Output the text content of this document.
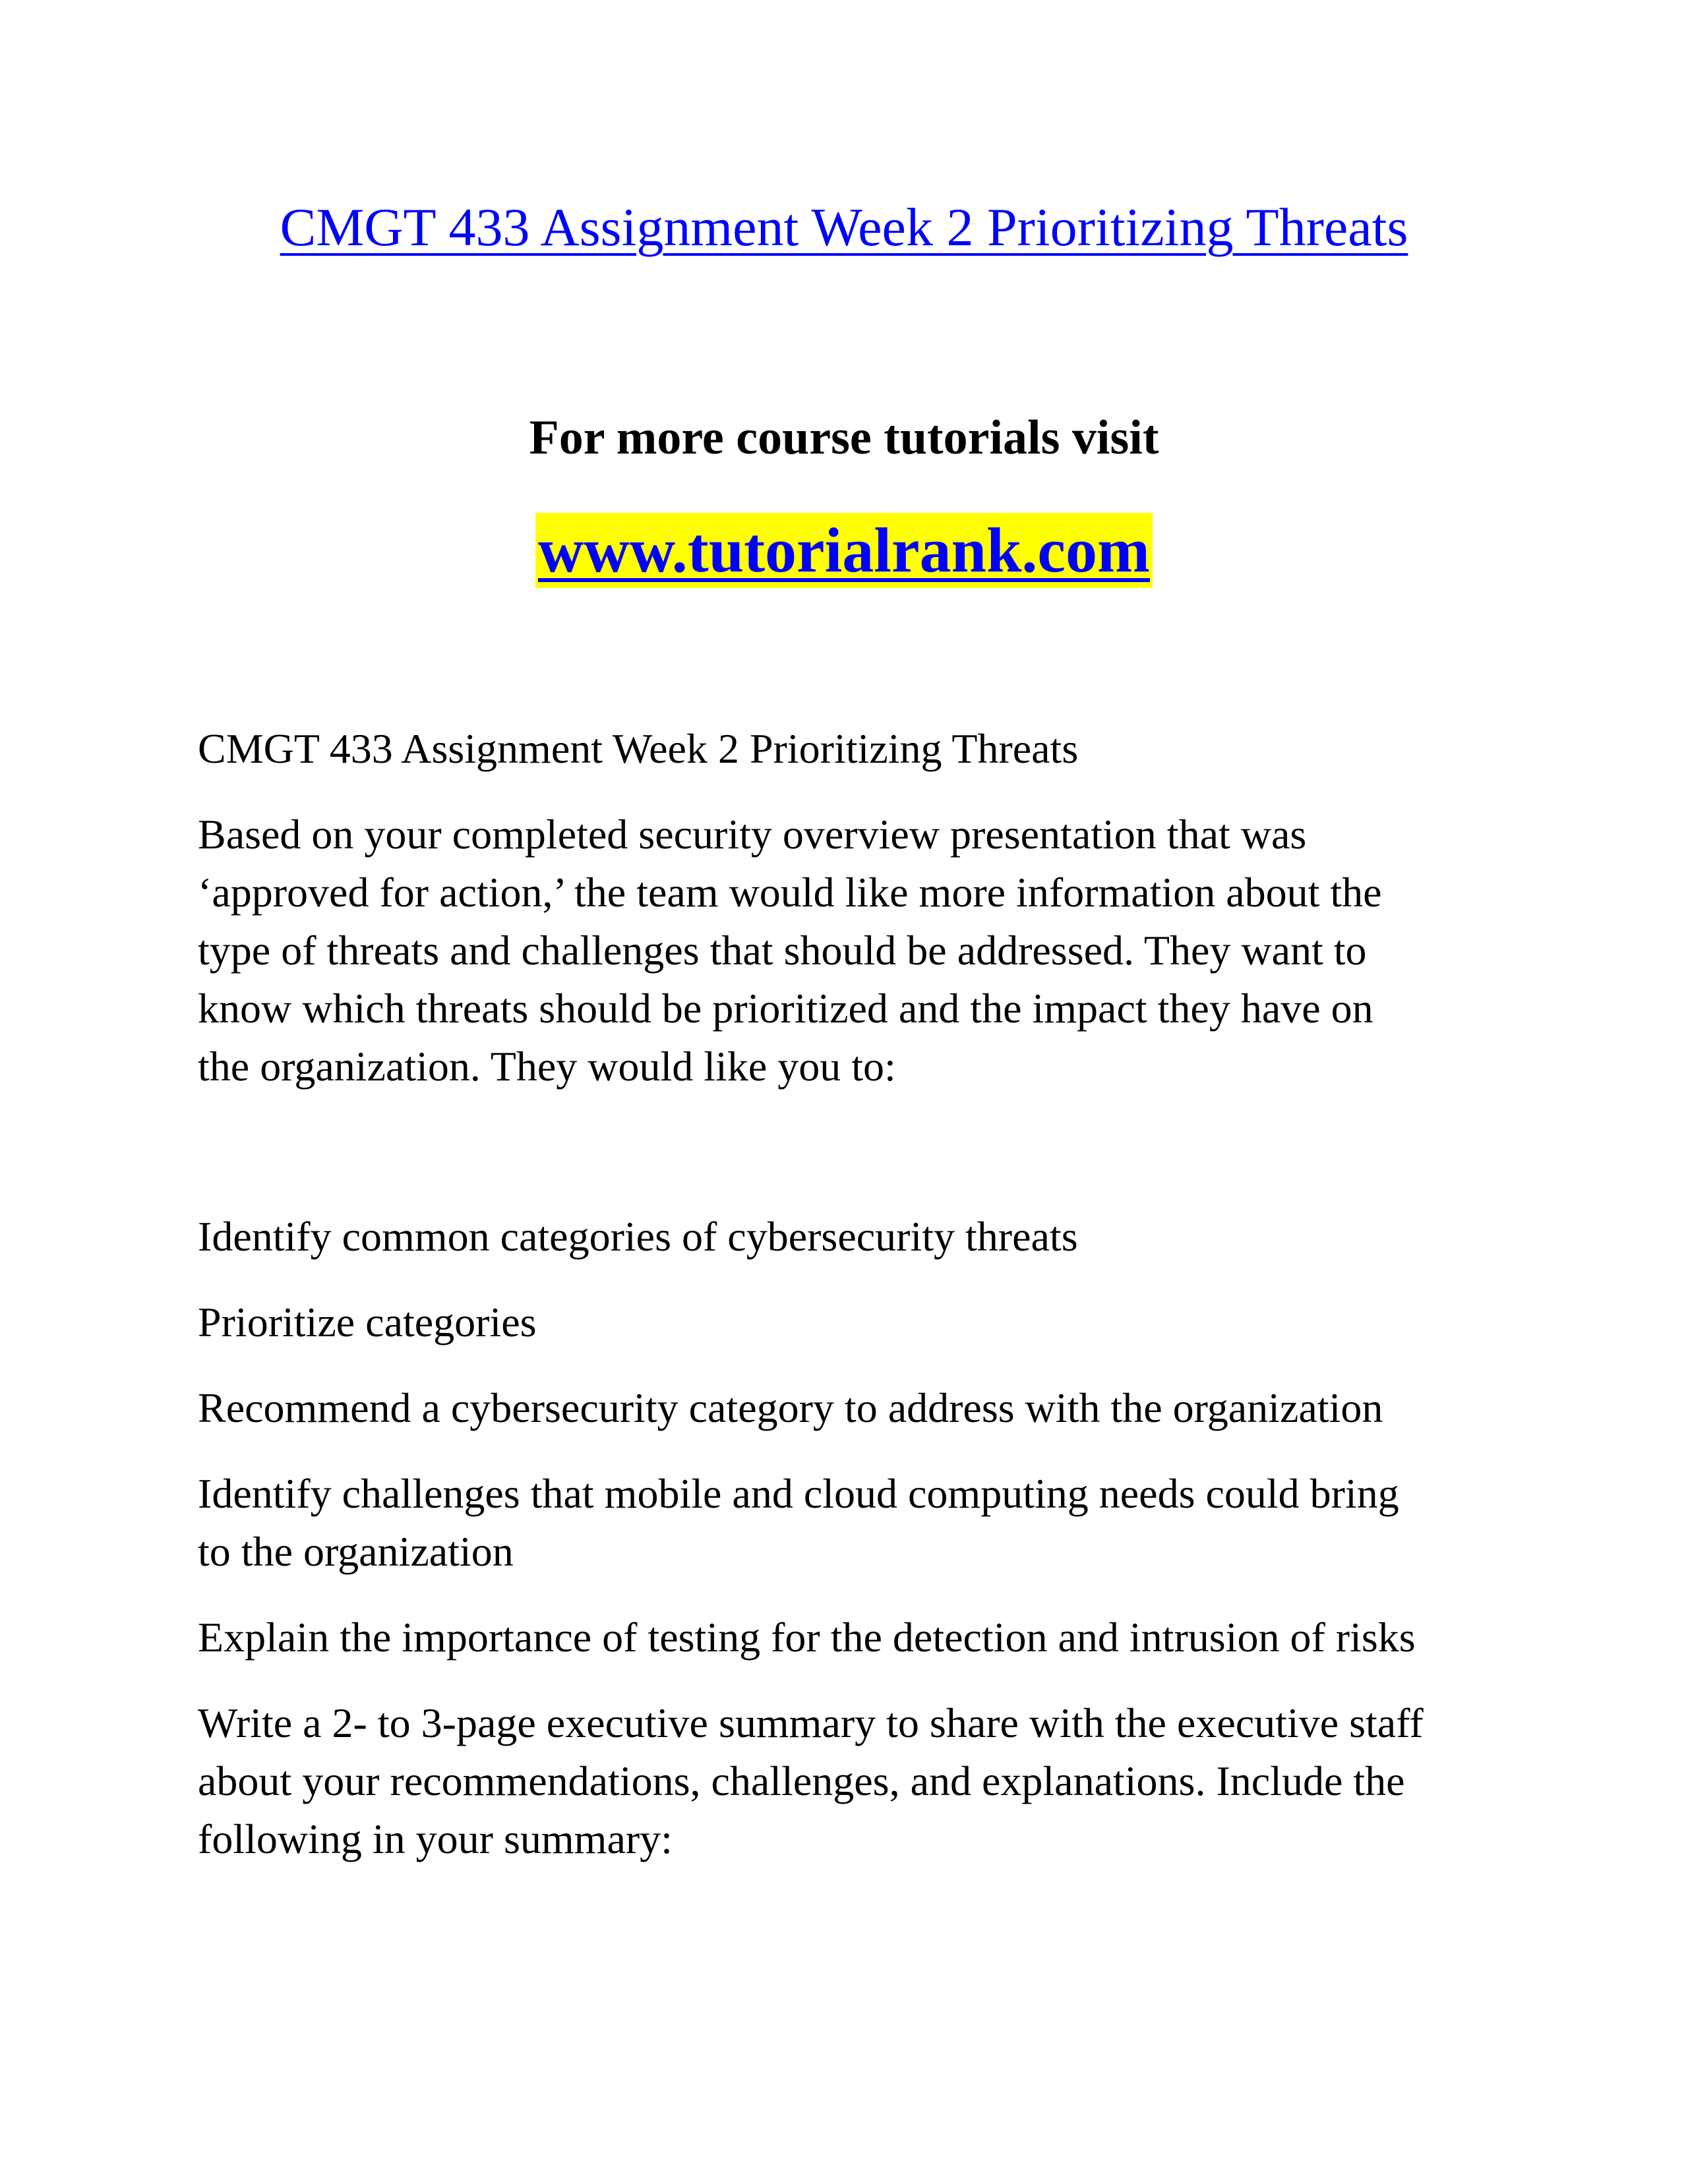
CMGT 433 Assignment Week 2 Prioritizing Threats
For more course tutorials visit
www.tutorialrank.com

CMGT 433 Assignment Week 2 Prioritizing Threats

Based on your completed security overview presentation that was
‘approved for action,’ the team would like more information about the
type of threats and challenges that should be addressed. They want to
know which threats should be prioritized and the impact they have on
the organization. They would like you to:

Identify common categories of cybersecurity threats

Prioritize categories

Recommend a cybersecurity category to address with the organization

Identify challenges that mobile and cloud computing needs could bring
to the organization

Explain the importance of testing for the detection and intrusion of risks

Write a 2- to 3-page executive summary to share with the executive staff
about your recommendations, challenges, and explanations. Include the
following in your summary:
